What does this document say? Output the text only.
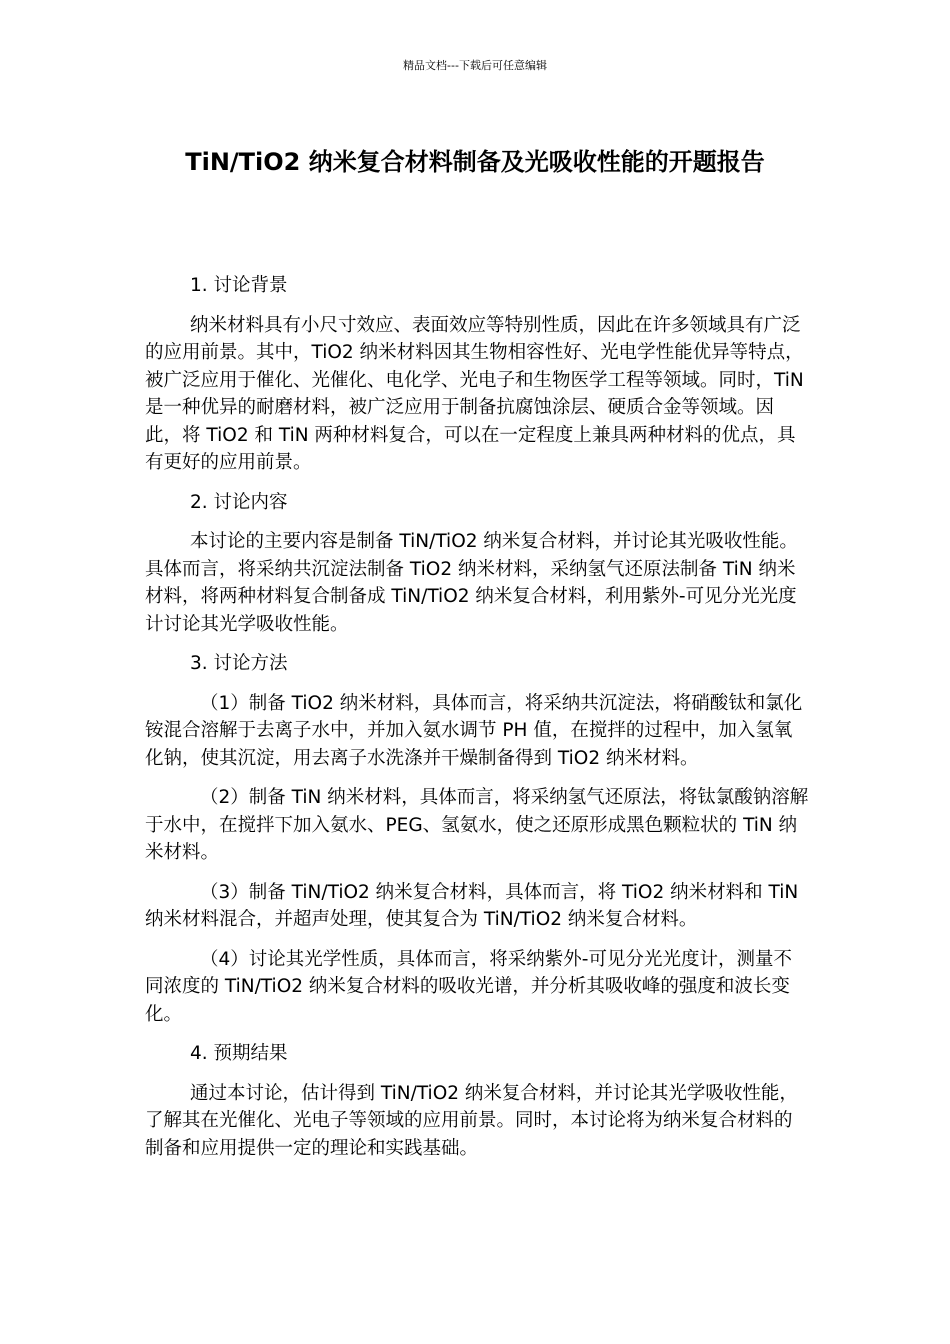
精品文档---下载后可任意编辑
TiN/TiO2 纳米复合材料制备及光吸收性能的开题报告

1. 讨论背景

纳米材料具有小尺寸效应、表面效应等特别性质，因此在许多领域具有广泛的应用前景。其中，TiO2 纳米材料因其生物相容性好、光电学性能优异等特点，被广泛应用于催化、光催化、电化学、光电子和生物医学工程等领域。同时，TiN 是一种优异的耐磨材料，被广泛应用于制备抗腐蚀涂层、硬质合金等领域。因此，将 TiO2 和 TiN 两种材料复合，可以在一定程度上兼具两种材料的优点，具有更好的应用前景。

2. 讨论内容

本讨论的主要内容是制备 TiN/TiO2 纳米复合材料，并讨论其光吸收性能。具体而言，将采纳共沉淀法制备 TiO2 纳米材料，采纳氢气还原法制备 TiN 纳米材料，将两种材料复合制备成 TiN/TiO2 纳米复合材料，利用紫外-可见分光光度计讨论其光学吸收性能。

3. 讨论方法

（1）制备 TiO2 纳米材料，具体而言，将采纳共沉淀法，将硝酸钛和氯化铵混合溶解于去离子水中，并加入氨水调节 PH 值，在搅拌的过程中，加入氢氧化钠，使其沉淀，用去离子水洗涤并干燥制备得到 TiO2 纳米材料。

（2）制备 TiN 纳米材料，具体而言，将采纳氢气还原法，将钛氯酸钠溶解于水中，在搅拌下加入氨水、PEG、氢氨水，使之还原形成黑色颗粒状的 TiN 纳米材料。

（3）制备 TiN/TiO2 纳米复合材料，具体而言，将 TiO2 纳米材料和 TiN 纳米材料混合，并超声处理，使其复合为 TiN/TiO2 纳米复合材料。

（4）讨论其光学性质，具体而言，将采纳紫外-可见分光光度计，测量不同浓度的 TiN/TiO2 纳米复合材料的吸收光谱，并分析其吸收峰的强度和波长变化。

4. 预期结果

通过本讨论，估计得到 TiN/TiO2 纳米复合材料，并讨论其光学吸收性能，了解其在光催化、光电子等领域的应用前景。同时，本讨论将为纳米复合材料的制备和应用提供一定的理论和实践基础。
